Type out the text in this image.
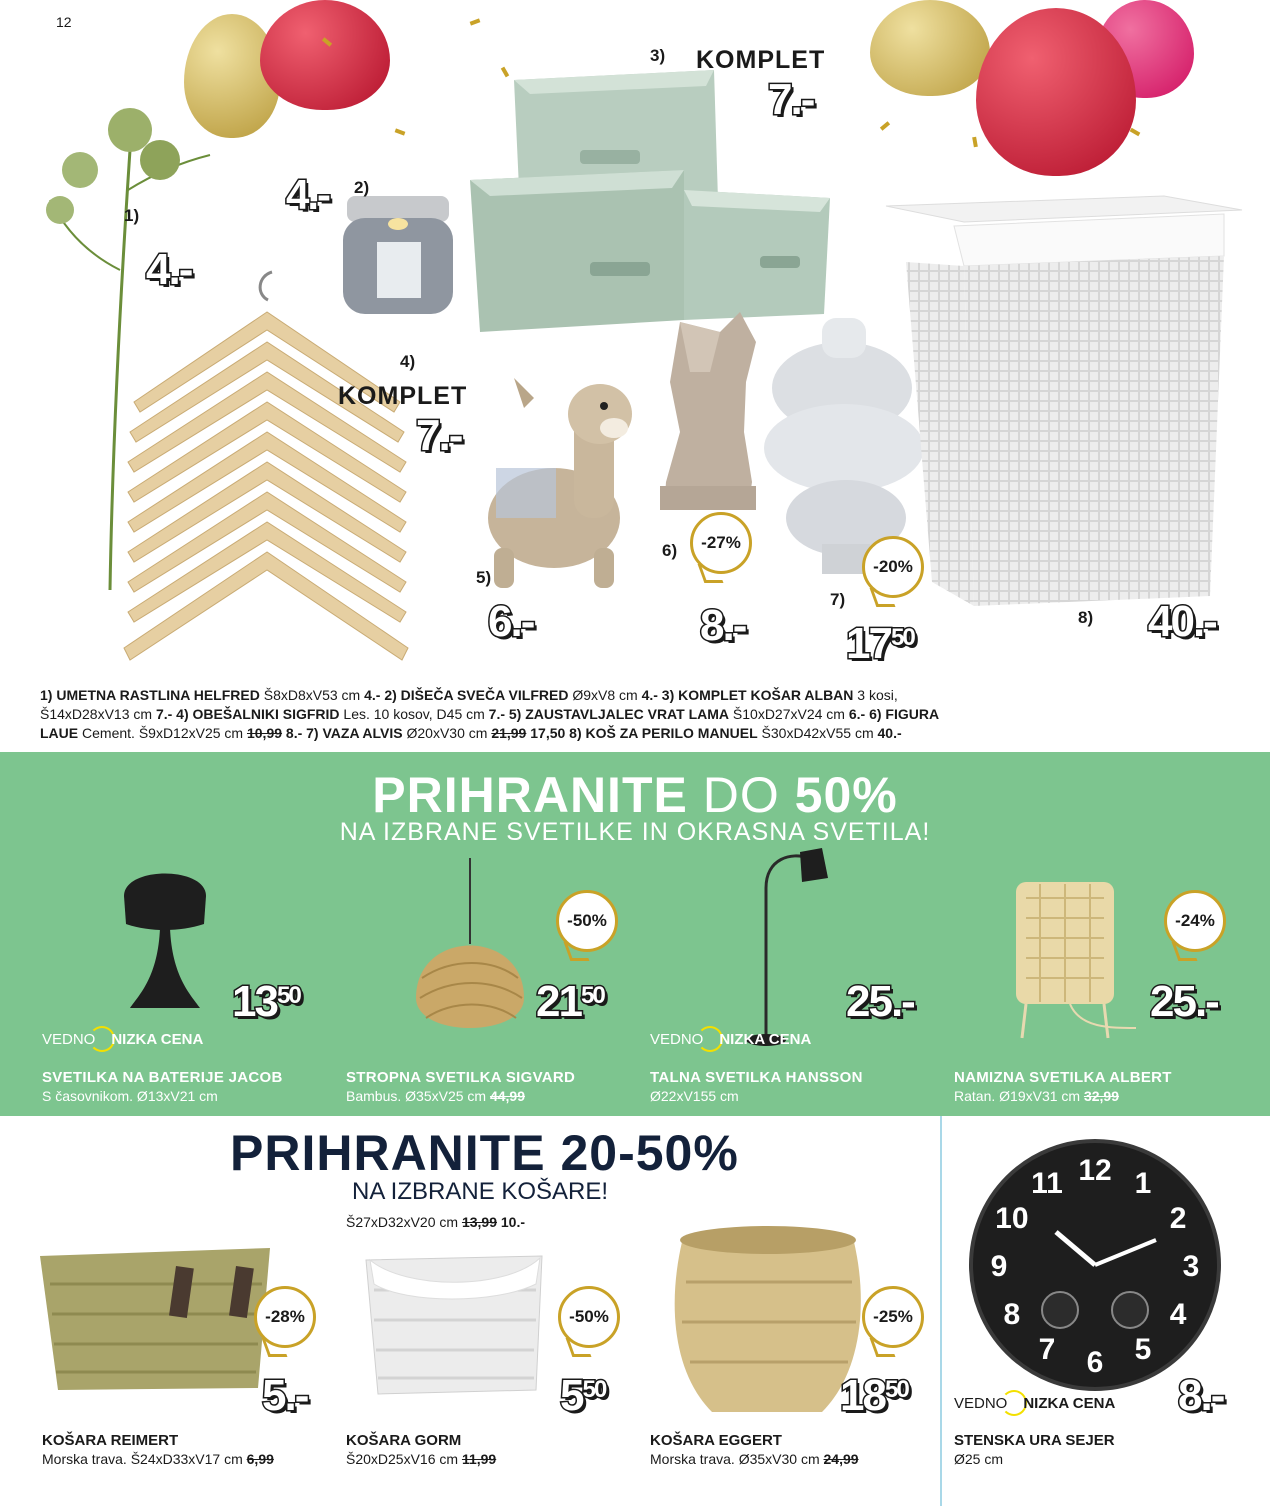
12
1)
4.-
4.- 2)
3) KOMPLET
7.-
4)
KOMPLET
7.-
5)
6.-
6)	-27%
8.-
7)
-20%
$17^{50}$
8) 40.-
1) UMETNA RASTLINA HELFRED Š8xD8xV53 cm 4.- 2) DIŠEČA SVEČA VILFRED Ø9xV8 cm 4.- 3) KOMPLET KOŠAR ALBAN 3 kosi, Š14xD28xV13 cm 7.- 4) OBEŠALNIKI SIGFRID Les. 10 kosov, D45 cm 7.- 5) ZAUSTAVLJALEC VRAT LAMA Š10xD27xV24 cm 6.- 6) FIGURA LAUE Cement. Š9xD12xV25 cm 10,99 8.- 7) VAZA ALVIS Ø20xV30 cm 21,99 17,50 8) KOŠ ZA PERILO MANUEL Š30xD42xV55 cm 40.-
PRIHRANITE DO 50%
NA IZBRANE SVETILKE IN OKRASNA SVETILA!
$13^{50}$
VEDNO NIZKA CENA
SVETILKA NA BATERIJE JACOB
S časovnikom. Ø13xV21 cm
-50%
$21^{50}$
STROPNA SVETILKA SIGVARD
Bambus. Ø35xV25 cm 44,99
25.-
VEDNO NIZKA CENA
TALNA SVETILKA HANSSON
Ø22xV155 cm
-24%
25.-
NAMIZNA SVETILKA ALBERT
Ratan. Ø19xV31 cm 32,99
PRIHRANITE 20-50%
NA IZBRANE KOŠARE!
Š27xD32xV20 cm 13,99 10.-
-28%
5.-
KOŠARA REIMERT
Morska trava. Š24xD33xV17 cm 6,99
-50%
$5^{50}$
KOŠARA GORM
Š20xD25xV16 cm 11,99
-25%
$18^{50}$
KOŠARA EGGERT
Morska trava. Ø35xV30 cm 24,99
12 1
2
3
4
5
6
7
8
9
10
11
VEDNO NIZKA CENA 8.-
STENSKA URA SEJER
Ø25 cm
